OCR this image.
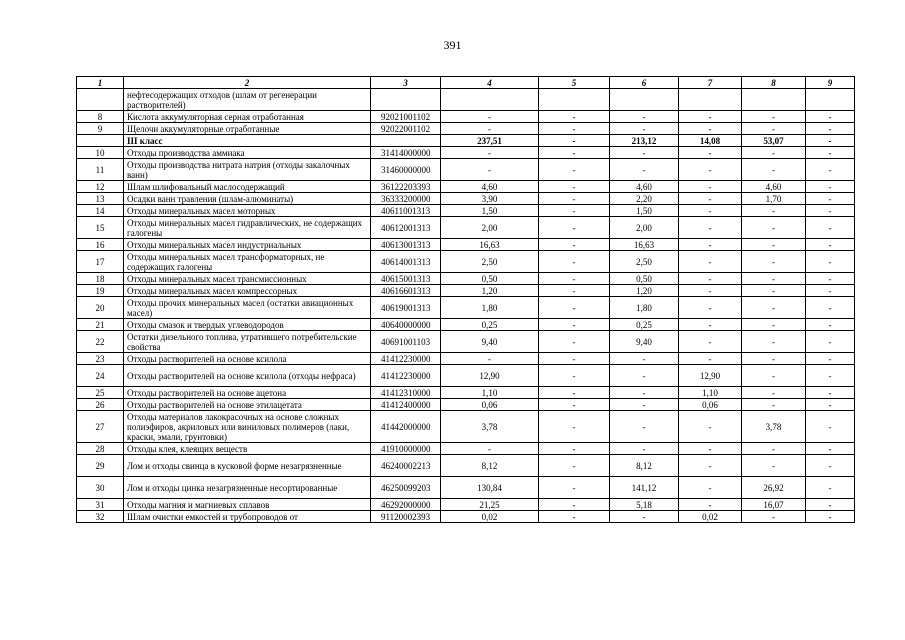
391
1	2	3	4	5	6	7	8	9
	нефтесодержащих отходов (шлам от регенерации растворителей)							
8	Кислота аккумуляторная серная отработанная	92021001102	-	-	-	-	-	-
9	Щелочи аккумуляторные отработанные	92022001102	-	-	-	-	-	-
	III класс		237,51	-	213,12	14,08	53,07	-
10	Отходы производства аммиака	31414000000	-	-	-	-	-	-
11	Отходы производства нитрата натрия (отходы закалочных ванн)	31460000000	-	-	-	-	-	-
12	Шлам шлифовальный маслосодержащий	36122203393	4,60	-	4,60	-	4,60	-
13	Осадки ванн травления (шлам-алюминаты)	36333200000	3,90	-	2,20	-	1,70	-
14	Отходы минеральных масел моторных	40611001313	1,50	-	1,50	-	-	-
15	Отходы минеральных масел гидравлических, не содержащих галогены	40612001313	2,00	-	2,00	-	-	-
16	Отходы минеральных масел индустриальных	40613001313	16,63	-	16,63	-	-	-
17	Отходы минеральных масел трансформаторных, не содержащих галогены	40614001313	2,50	-	2,50	-	-	-
18	Отходы минеральных масел трансмиссионных	40615001313	0,50	-	0,50	-	-	-
19	Отходы минеральных масел компрессорных	40616601313	1,20	-	1,20	-	-	-
20	Отходы прочих минеральных масел (остатки авиационных масел)	40619001313	1,80	-	1,80	-	-	-
21	Отходы смазок и твердых углеводородов	40640000000	0,25	-	0,25	-	-	-
22	Остатки дизельного топлива, утратившего потребительские свойства	40691001103	9,40	-	9,40	-	-	-
23	Отходы растворителей на основе ксилола	41412230000	-	-	-	-	-	-
24	Отходы растворителей на основе ксилола (отходы нефраса)	41412230000	12,90	-	-	12,90	-	-
25	Отходы растворителей на основе ацетона	41412310000	1,10	-	-	1,10	-	-
26	Отходы растворителей на основе этилацетата	41412400000	0,06	-	-	0,06	-	-
27	Отходы материалов лакокрасочных на основе сложных полиэфиров, акриловых или виниловых полимеров (лаки, краски, эмали, грунтовки)	41442000000	3,78	-	-	-	3,78	-
28	Отходы клея, клеящих веществ	41910000000	-	-	-	-	-	-
29	Лом и отходы свинца в кусковой форме незагрязненные	46240002213	8,12	-	8,12	-	-	-
30	Лом и отходы цинка незагрязненные несортированные	46250099203	130,84	-	141,12	-	26,92	-
31	Отходы магния и магниевых сплавов	46292000000	21,25	-	5,18	-	16,07	-
32	Шлам очистки емкостей и трубопроводов от	91120002393	0,02	-	-	0,02	-	-
